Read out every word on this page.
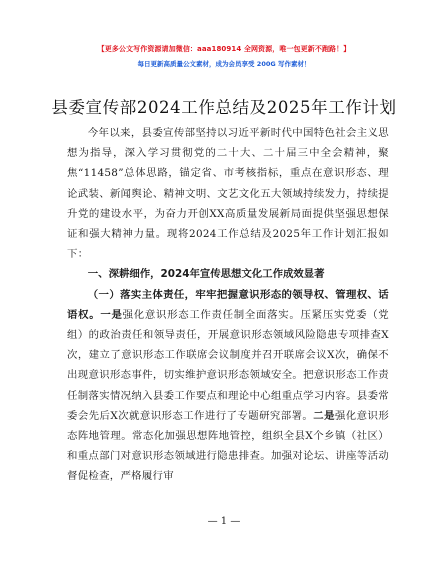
【更多公文写作资源请加微信：aaa180914 全网资源，唯一包更新不跑路！】
每日更新高质量公文素材，成为会员享受 200G 写作素材！
县委宣传部2024工作总结及2025年工作计划

今年以来，县委宣传部坚持以习近平新时代中国特色社会主义思想为指导，深入学习贯彻党的二十大、二十届三中全会精神，聚焦“11458”总体思路，锚定省、市考核指标，重点在意识形态、理论武装、新闻舆论、精神文明、文艺文化五大领域持续发力，持续提升党的建设水平，为奋力开创XX高质量发展新局面提供坚强思想保证和强大精神力量。现将2024工作总结及2025年工作计划汇报如下：

一、深耕细作，2024年宣传思想文化工作成效显著

（一）落实主体责任，牢牢把握意识形态的领导权、管理权、话语权。一是强化意识形态工作责任制全面落实。压紧压实党委（党组）的政治责任和领导责任，开展意识形态领域风险隐患专项排查X次，建立了意识形态工作联席会议制度并召开联席会议X次，确保不出现意识形态事件，切实维护意识形态领域安全。把意识形态工作责任制落实情况纳入县委工作要点和理论中心组重点学习内容。县委常委会先后X次就意识形态工作进行了专题研究部署。二是强化意识形态阵地管理。常态化加强思想阵地管控，组织全县X个乡镇（社区）和重点部门对意识形态领域进行隐患排查。加强对论坛、讲座等活动督促检查，严格履行审

— 1 —
